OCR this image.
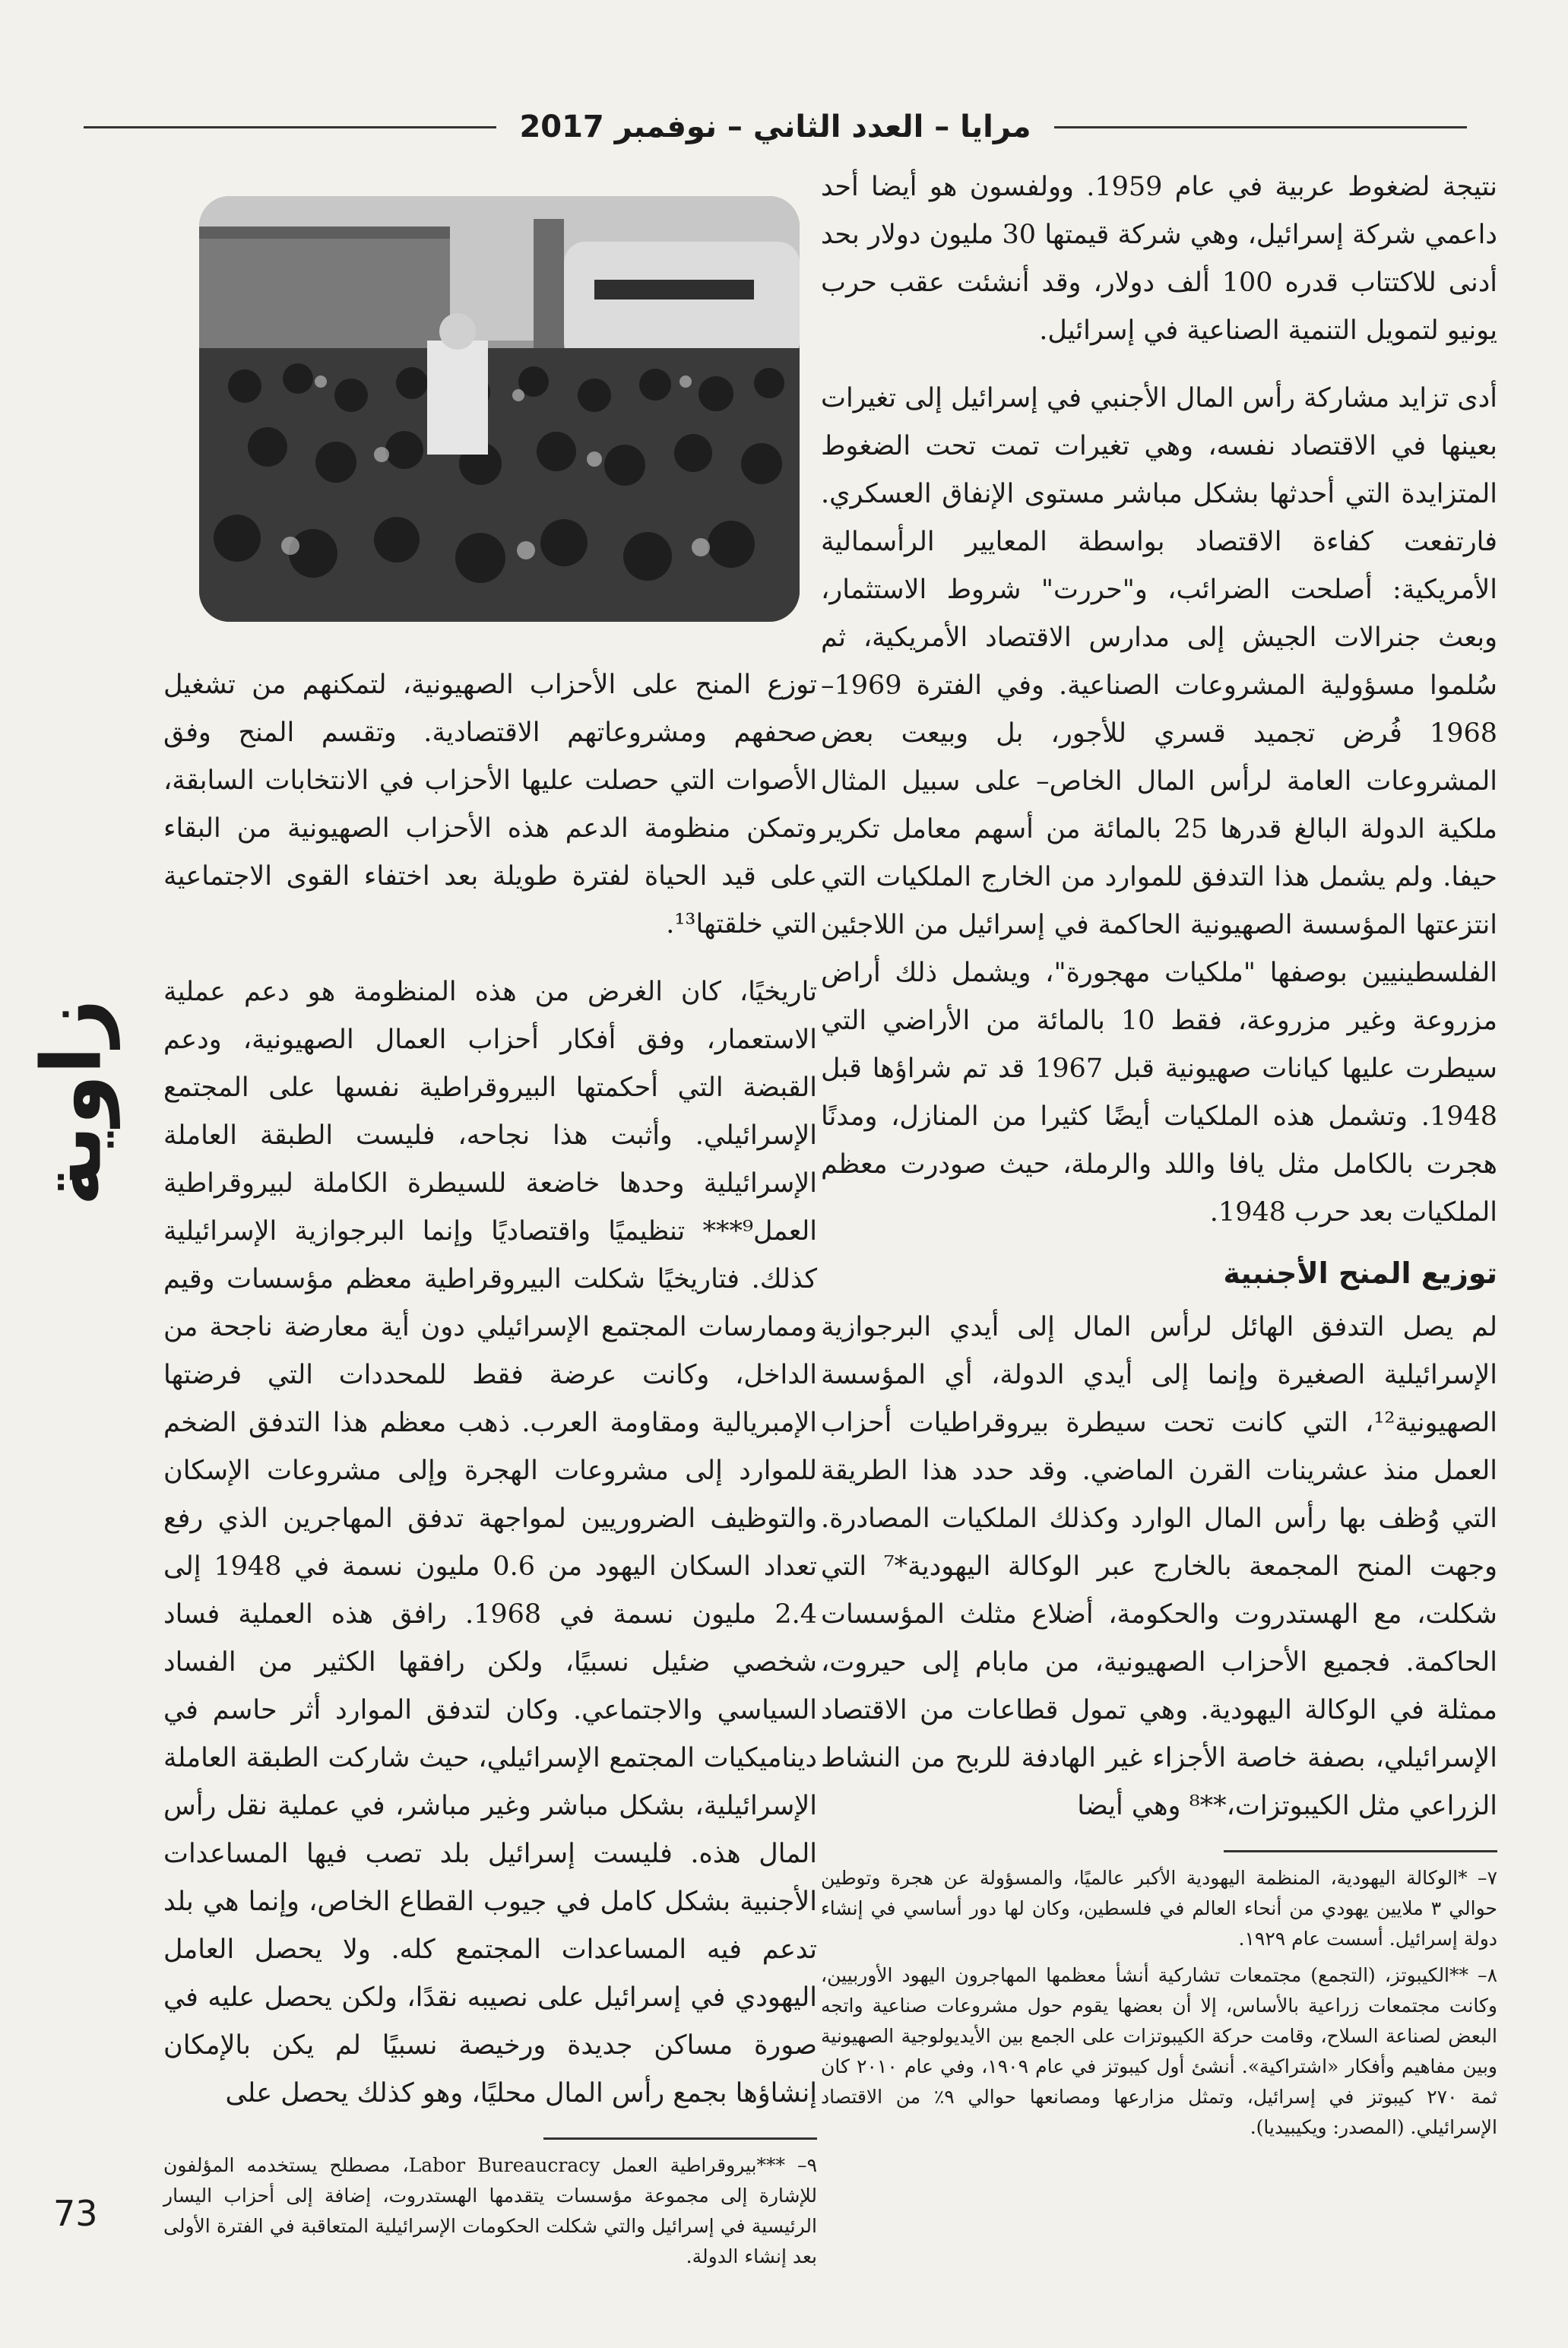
مرايا – العدد الثاني – نوفمبر 2017

نتيجة لضغوط عربية في عام 1959. وولفسون هو أيضا أحد داعمي شركة إسرائيل، وهي شركة قيمتها 30 مليون دولار بحد أدنى للاكتتاب قدره 100 ألف دولار، وقد أنشئت عقب حرب يونيو لتمويل التنمية الصناعية في إسرائيل.

أدى تزايد مشاركة رأس المال الأجنبي في إسرائيل إلى تغيرات بعينها في الاقتصاد نفسه، وهي تغيرات تمت تحت الضغوط المتزايدة التي أحدثها بشكل مباشر مستوى الإنفاق العسكري. فارتفعت كفاءة الاقتصاد بواسطة المعايير الرأسمالية الأمريكية: أصلحت الضرائب، و"حررت" شروط الاستثمار، وبعث جنرالات الجيش إلى مدارس الاقتصاد الأمريكية، ثم سُلموا مسؤولية المشروعات الصناعية. وفي الفترة 1969–1968 فُرض تجميد قسري للأجور، بل وبيعت بعض المشروعات العامة لرأس المال الخاص– على سبيل المثال ملكية الدولة البالغ قدرها 25 بالمائة من أسهم معامل تكرير حيفا. ولم يشمل هذا التدفق للموارد من الخارج الملكيات التي انتزعتها المؤسسة الصهيونية الحاكمة في إسرائيل من اللاجئين الفلسطينيين بوصفها "ملكيات مهجورة"، ويشمل ذلك أراض مزروعة وغير مزروعة، فقط 10 بالمائة من الأراضي التي سيطرت عليها كيانات صهيونية قبل 1967 قد تم شراؤها قبل 1948. وتشمل هذه الملكيات أيضًا كثيرا من المنازل، ومدنًا هجرت بالكامل مثل يافا واللد والرملة، حيث صودرت معظم الملكيات بعد حرب 1948.

توزيع المنح الأجنبية

لم يصل التدفق الهائل لرأس المال إلى أيدي البرجوازية الإسرائيلية الصغيرة وإنما إلى أيدي الدولة، أي المؤسسة الصهيونية¹²، التي كانت تحت سيطرة بيروقراطيات أحزاب العمل منذ عشرينات القرن الماضي. وقد حدد هذا الطريقة التي وُظف بها رأس المال الوارد وكذلك الملكيات المصادرة. وجهت المنح المجمعة بالخارج عبر الوكالة اليهودية*⁷ التي شكلت، مع الهستدروت والحكومة، أضلاع مثلث المؤسسات الحاكمة. فجميع الأحزاب الصهيونية، من مابام إلى حيروت، ممثلة في الوكالة اليهودية. وهي تمول قطاعات من الاقتصاد الإسرائيلي، بصفة خاصة الأجزاء غير الهادفة للربح من النشاط الزراعي مثل الكيبوتزات،**⁸ وهي أيضا

٧– *الوكالة اليهودية، المنظمة اليهودية الأكبر عالميًا، والمسؤولة عن هجرة وتوطين حوالي ٣ ملايين يهودي من أنحاء العالم في فلسطين، وكان لها دور أساسي في إنشاء دولة إسرائيل. أسست عام ١٩٢٩.

٨– **الكيبوتز، (التجمع) مجتمعات تشاركية أنشأ معظمها المهاجرون اليهود الأوربيين، وكانت مجتمعات زراعية بالأساس، إلا أن بعضها يقوم حول مشروعات صناعية واتجه البعض لصناعة السلاح، وقامت حركة الكيبوتزات على الجمع بين الأيديولوجية الصهيونية وبين مفاهيم وأفكار «اشتراكية». أنشئ أول كيبوتز في عام ١٩٠٩، وفي عام ٢٠١٠ كان ثمة ٢٧٠ كيبوتز في إسرائيل، وتمثل مزارعها ومصانعها حوالي ٩٪ من الاقتصاد الإسرائيلي. (المصدر: ويكيبيديا).

توزع المنح على الأحزاب الصهيونية، لتمكنهم من تشغيل صحفهم ومشروعاتهم الاقتصادية. وتقسم المنح وفق الأصوات التي حصلت عليها الأحزاب في الانتخابات السابقة، وتمكن منظومة الدعم هذه الأحزاب الصهيونية من البقاء على قيد الحياة لفترة طويلة بعد اختفاء القوى الاجتماعية التي خلقتها¹³.

تاريخيًا، كان الغرض من هذه المنظومة هو دعم عملية الاستعمار، وفق أفكار أحزاب العمال الصهيونية، ودعم القبضة التي أحكمتها البيروقراطية نفسها على المجتمع الإسرائيلي. وأثبت هذا نجاحه، فليست الطبقة العاملة الإسرائيلية وحدها خاضعة للسيطرة الكاملة لبيروقراطية العمل⁹*** تنظيميًا واقتصاديًا وإنما البرجوازية الإسرائيلية كذلك. فتاريخيًا شكلت البيروقراطية معظم مؤسسات وقيم وممارسات المجتمع الإسرائيلي دون أية معارضة ناجحة من الداخل، وكانت عرضة فقط للمحددات التي فرضتها الإمبريالية ومقاومة العرب. ذهب معظم هذا التدفق الضخم للموارد إلى مشروعات الهجرة وإلى مشروعات الإسكان والتوظيف الضروريين لمواجهة تدفق المهاجرين الذي رفع تعداد السكان اليهود من 0.6 مليون نسمة في 1948 إلى 2.4 مليون نسمة في 1968. رافق هذه العملية فساد شخصي ضئيل نسبيًا، ولكن رافقها الكثير من الفساد السياسي والاجتماعي. وكان لتدفق الموارد أثر حاسم في ديناميكيات المجتمع الإسرائيلي، حيث شاركت الطبقة العاملة الإسرائيلية، بشكل مباشر وغير مباشر، في عملية نقل رأس المال هذه. فليست إسرائيل بلد تصب فيها المساعدات الأجنبية بشكل كامل في جيوب القطاع الخاص، وإنما هي بلد تدعم فيه المساعدات المجتمع كله. ولا يحصل العامل اليهودي في إسرائيل على نصيبه نقدًا، ولكن يحصل عليه في صورة مساكن جديدة ورخيصة نسبيًا لم يكن بالإمكان إنشاؤها بجمع رأس المال محليًا، وهو كذلك يحصل على

٩– ***بيروقراطية العمل Labor Bureaucracy، مصطلح يستخدمه المؤلفون للإشارة إلى مجموعة مؤسسات يتقدمها الهستدروت، إضافة إلى أحزاب اليسار الرئيسية في إسرائيل والتي شكلت الحكومات الإسرائيلية المتعاقبة في الفترة الأولى بعد إنشاء الدولة.

زاوية
73
